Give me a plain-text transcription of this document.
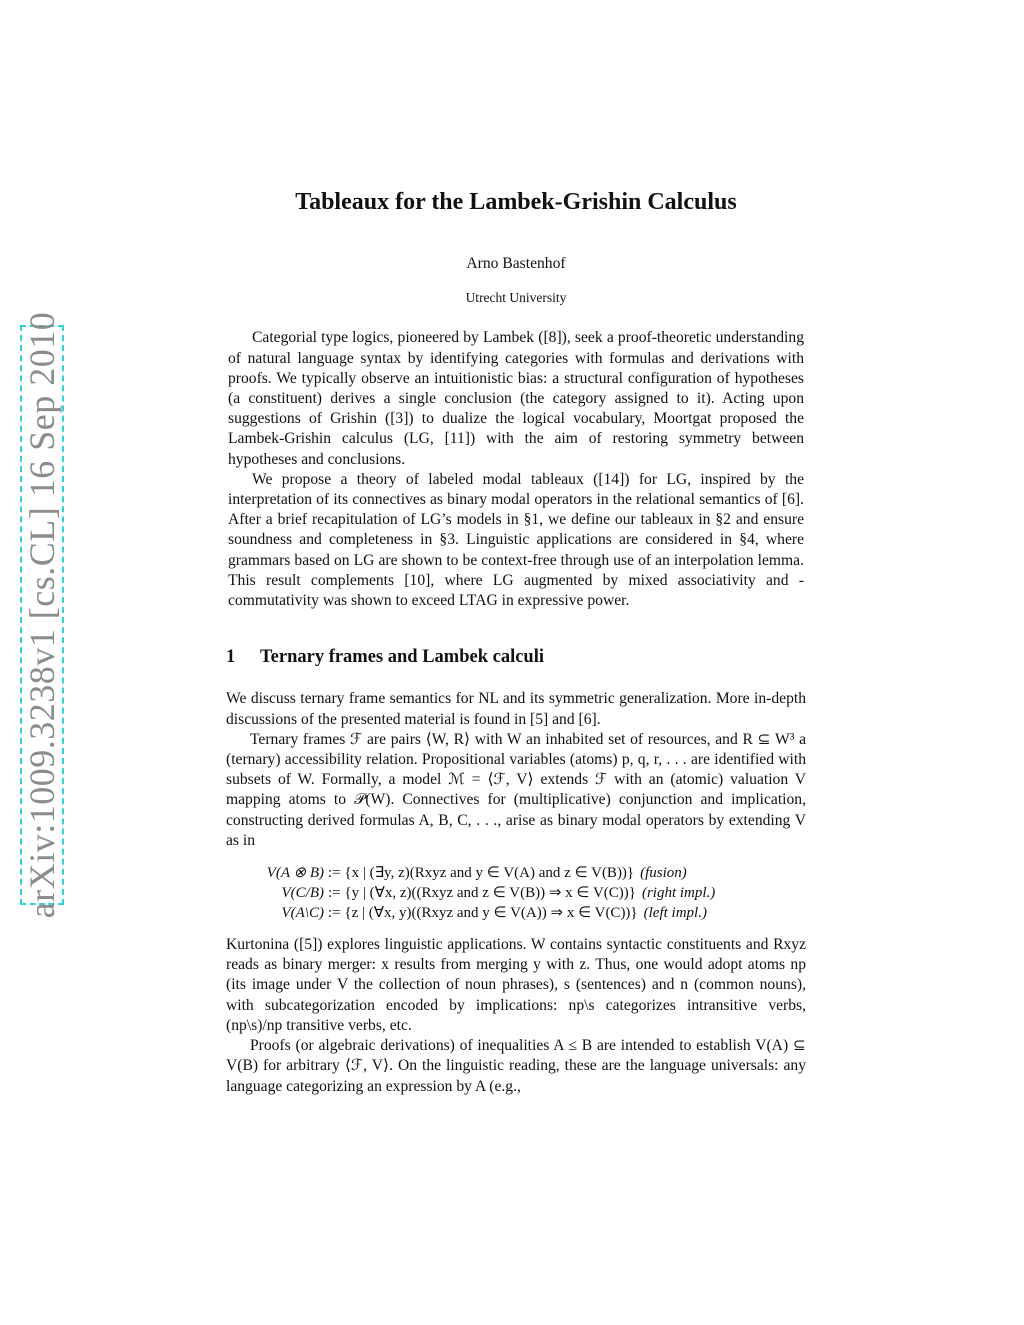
arXiv:1009.3238v1 [cs.CL] 16 Sep 2010
Tableaux for the Lambek-Grishin Calculus
Arno Bastenhof
Utrecht University

Categorial type logics, pioneered by Lambek ([8]), seek a proof-theoretic understanding of natural language syntax by identifying categories with formulas and derivations with proofs. We typically observe an intuitionistic bias: a structural configuration of hypotheses (a constituent) derives a single conclusion (the category assigned to it). Acting upon suggestions of Grishin ([3]) to dualize the logical vocabulary, Moortgat proposed the Lambek-Grishin calculus (LG, [11]) with the aim of restoring symmetry between hypotheses and conclusions.

We propose a theory of labeled modal tableaux ([14]) for LG, inspired by the interpretation of its connectives as binary modal operators in the relational semantics of [6]. After a brief recapitulation of LG’s models in §1, we define our tableaux in §2 and ensure soundness and completeness in §3. Linguistic applications are considered in §4, where grammars based on LG are shown to be context-free through use of an interpolation lemma. This result complements [10], where LG augmented by mixed associativity and -commutativity was shown to exceed LTAG in expressive power.

1 Ternary frames and Lambek calculi

We discuss ternary frame semantics for NL and its symmetric generalization. More in-depth discussions of the presented material is found in [5] and [6].

Ternary frames ℱ are pairs ⟨W, R⟩ with W an inhabited set of resources, and R ⊆ W³ a (ternary) accessibility relation. Propositional variables (atoms) p, q, r, . . . are identified with subsets of W. Formally, a model ℳ = ⟨ℱ, V⟩ extends ℱ with an (atomic) valuation V mapping atoms to 𝒫(W). Connectives for (multiplicative) conjunction and implication, constructing derived formulas A, B, C, . . ., arise as binary modal operators by extending V as in

V(A ⊗ B) := {x | (∃y, z)(Rxyz and y ∈ V(A) and z ∈ V(B))} (fusion)
V(C/B) := {y | (∀x, z)((Rxyz and z ∈ V(B)) ⇒ x ∈ V(C))} (right impl.)
V(A\C) := {z | (∀x, y)((Rxyz and y ∈ V(A)) ⇒ x ∈ V(C))} (left impl.)

Kurtonina ([5]) explores linguistic applications. W contains syntactic constituents and Rxyz reads as binary merger: x results from merging y with z. Thus, one would adopt atoms np (its image under V the collection of noun phrases), s (sentences) and n (common nouns), with subcategorization encoded by implications: np\s categorizes intransitive verbs, (np\s)/np transitive verbs, etc.

Proofs (or algebraic derivations) of inequalities A ≤ B are intended to establish V(A) ⊆ V(B) for arbitrary ⟨ℱ, V⟩. On the linguistic reading, these are the language universals: any language categorizing an expression by A (e.g.,
